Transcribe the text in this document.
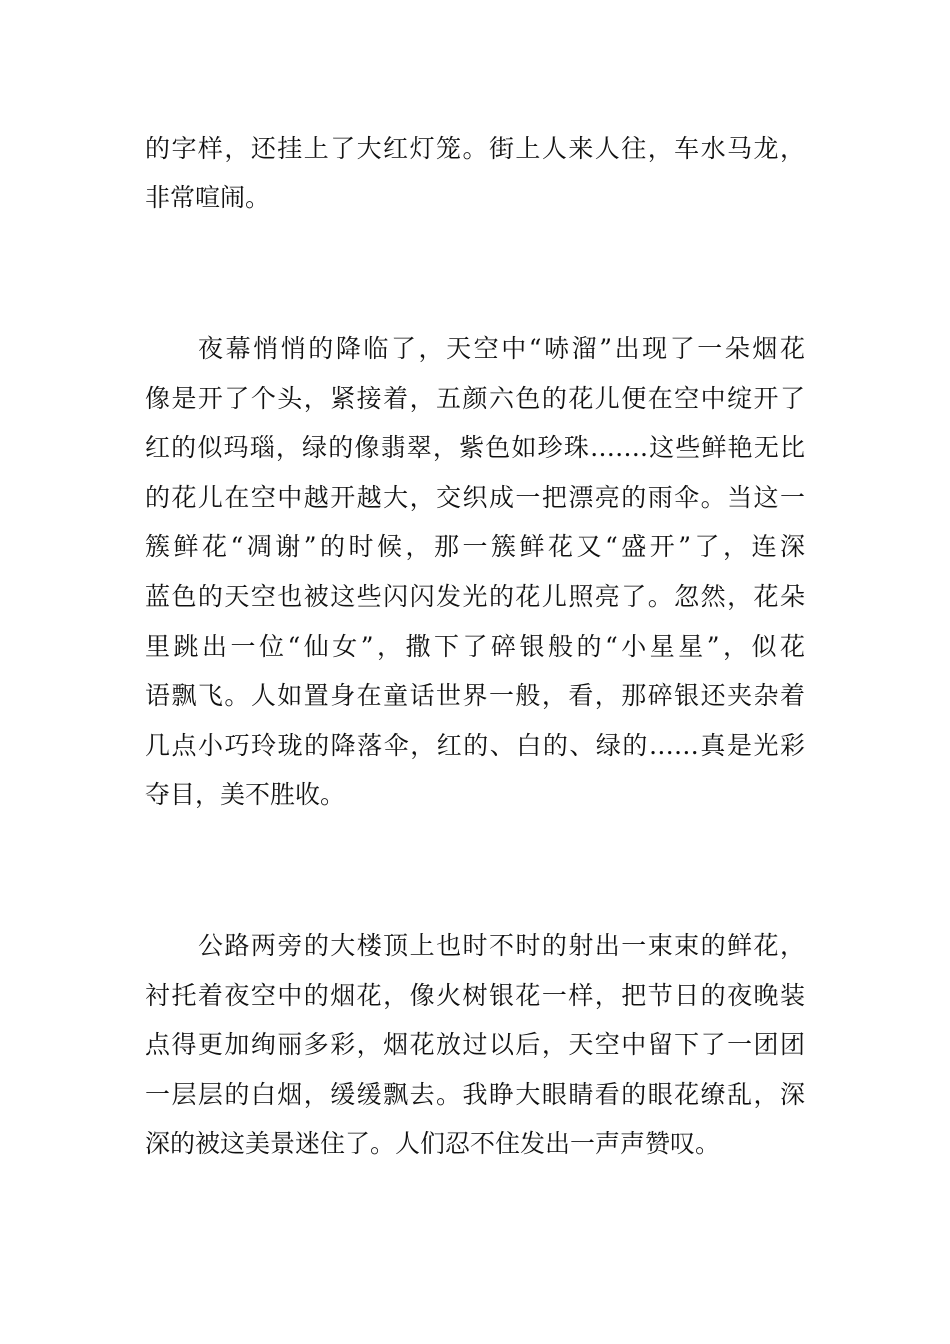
的字样，还挂上了大红灯笼。街上人来人往，车水马龙，
非常喧闹。
夜幕悄悄的降临了，天空中“哧溜”出现了一朵烟花
像是开了个头，紧接着，五颜六色的花儿便在空中绽开了
红的似玛瑙，绿的像翡翠，紫色如珍珠…….这些鲜艳无比
的花儿在空中越开越大，交织成一把漂亮的雨伞。当这一
簇鲜花“凋谢”的时候，那一簇鲜花又“盛开”了，连深
蓝色的天空也被这些闪闪发光的花儿照亮了。忽然，花朵
里跳出一位“仙女”，撒下了碎银般的“小星星”，似花
语飘飞。人如置身在童话世界一般，看，那碎银还夹杂着
几点小巧玲珑的降落伞，红的、白的、绿的……真是光彩
夺目，美不胜收。
公路两旁的大楼顶上也时不时的射出一束束的鲜花，
衬托着夜空中的烟花，像火树银花一样，把节日的夜晚装
点得更加绚丽多彩，烟花放过以后，天空中留下了一团团
一层层的白烟，缓缓飘去。我睁大眼睛看的眼花缭乱，深
深的被这美景迷住了。人们忍不住发出一声声赞叹。
